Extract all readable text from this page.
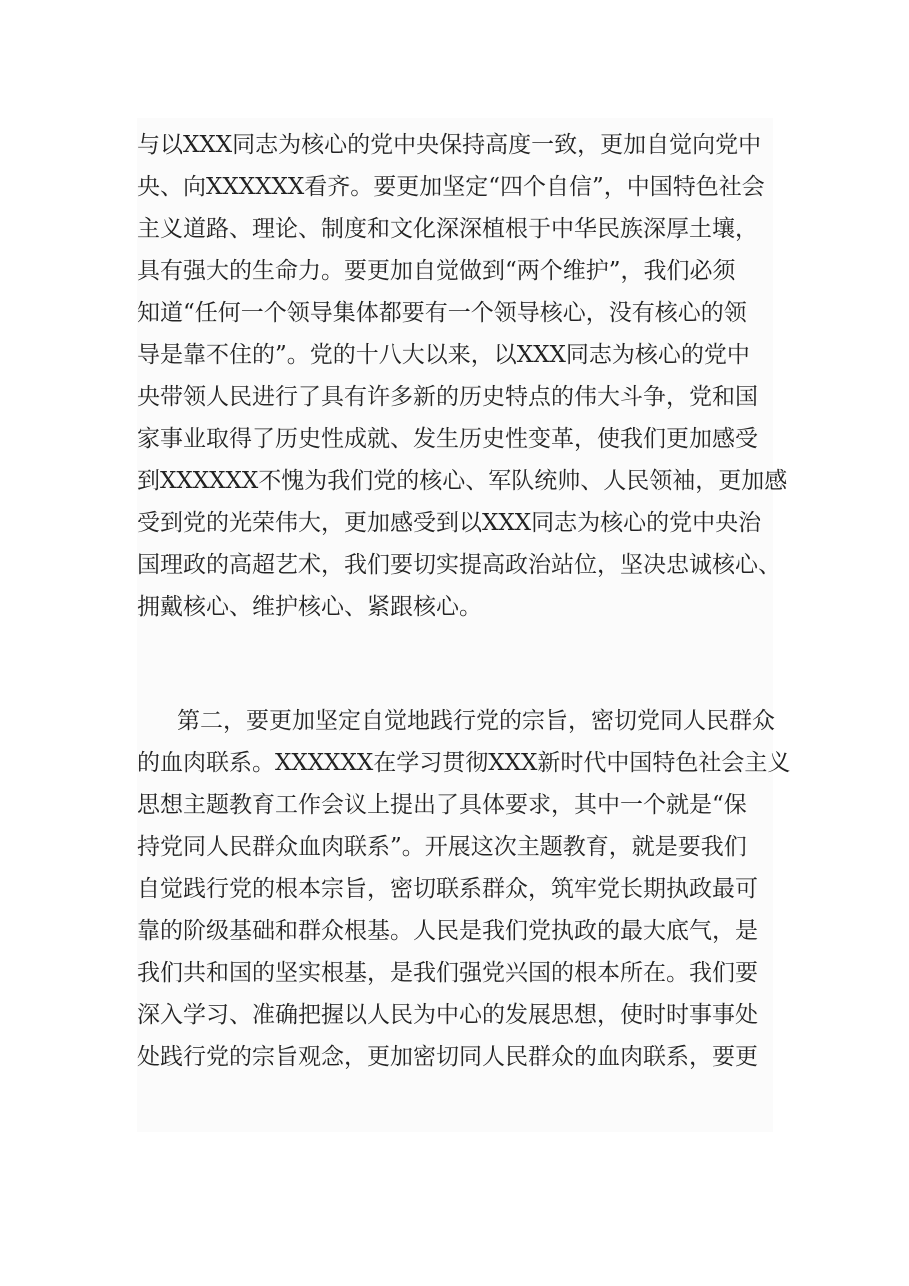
与以XXX同志为核心的党中央保持高度一致，更加自觉向党中
央、向XXXXXX看齐。要更加坚定“四个自信”，中国特色社会
主义道路、理论、制度和文化深深植根于中华民族深厚土壤，
具有强大的生命力。要更加自觉做到“两个维护”，我们必须
知道“任何一个领导集体都要有一个领导核心，没有核心的领
导是靠不住的”。党的十八大以来，以XXX同志为核心的党中
央带领人民进行了具有许多新的历史特点的伟大斗争，党和国
家事业取得了历史性成就、发生历史性变革，使我们更加感受
到XXXXXX不愧为我们党的核心、军队统帅、人民领袖，更加感
受到党的光荣伟大，更加感受到以XXX同志为核心的党中央治
国理政的高超艺术，我们要切实提高政治站位，坚决忠诚核心、
拥戴核心、维护核心、紧跟核心。

第二，要更加坚定自觉地践行党的宗旨，密切党同人民群众
的血肉联系。XXXXXX在学习贯彻XXX新时代中国特色社会主义
思想主题教育工作会议上提出了具体要求，其中一个就是“保
持党同人民群众血肉联系”。开展这次主题教育，就是要我们
自觉践行党的根本宗旨，密切联系群众，筑牢党长期执政最可
靠的阶级基础和群众根基。人民是我们党执政的最大底气，是
我们共和国的坚实根基，是我们强党兴国的根本所在。我们要
深入学习、准确把握以人民为中心的发展思想，使时时事事处
处践行党的宗旨观念，更加密切同人民群众的血肉联系，要更
